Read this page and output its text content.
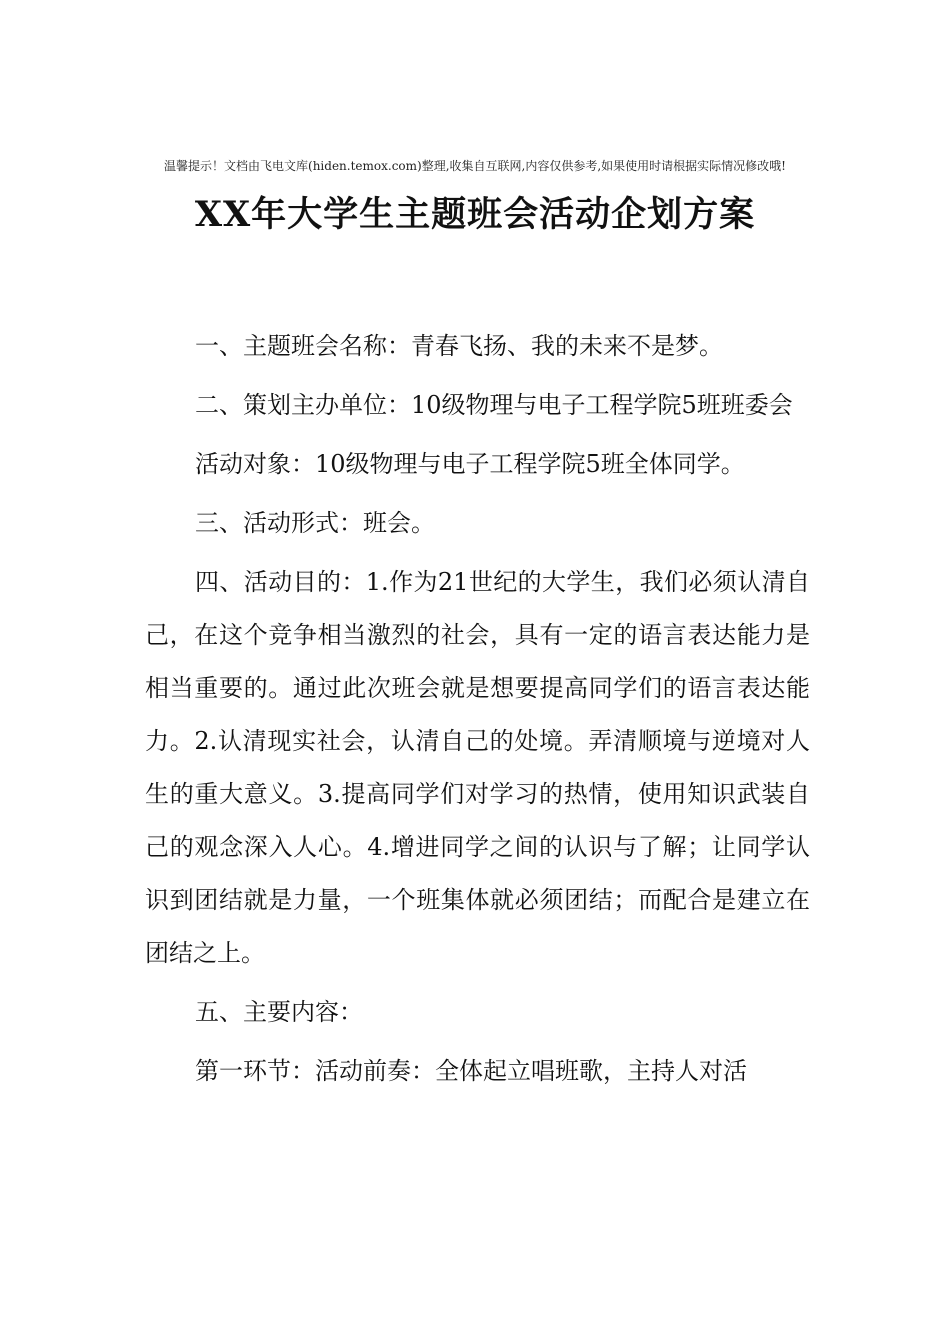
温馨提示！文档由飞电文库(hiden.temox.com)整理,收集自互联网,内容仅供参考,如果使用时请根据实际情况修改哦!
XX年大学生主题班会活动企划方案

一、主题班会名称：青春飞扬、我的未来不是梦。

二、策划主办单位：10级物理与电子工程学院5班班委会

活动对象：10级物理与电子工程学院5班全体同学。

三、活动形式：班会。

四、活动目的：1.作为21世纪的大学生，我们必须认清自己，在这个竞争相当激烈的社会，具有一定的语言表达能力是相当重要的。通过此次班会就是想要提高同学们的语言表达能力。2.认清现实社会，认清自己的处境。弄清顺境与逆境对人生的重大意义。3.提高同学们对学习的热情，使用知识武装自己的观念深入人心。4.增进同学之间的认识与了解；让同学认识到团结就是力量，一个班集体就必须团结；而配合是建立在团结之上。

五、主要内容：

第一环节：活动前奏：全体起立唱班歌，主持人对活
